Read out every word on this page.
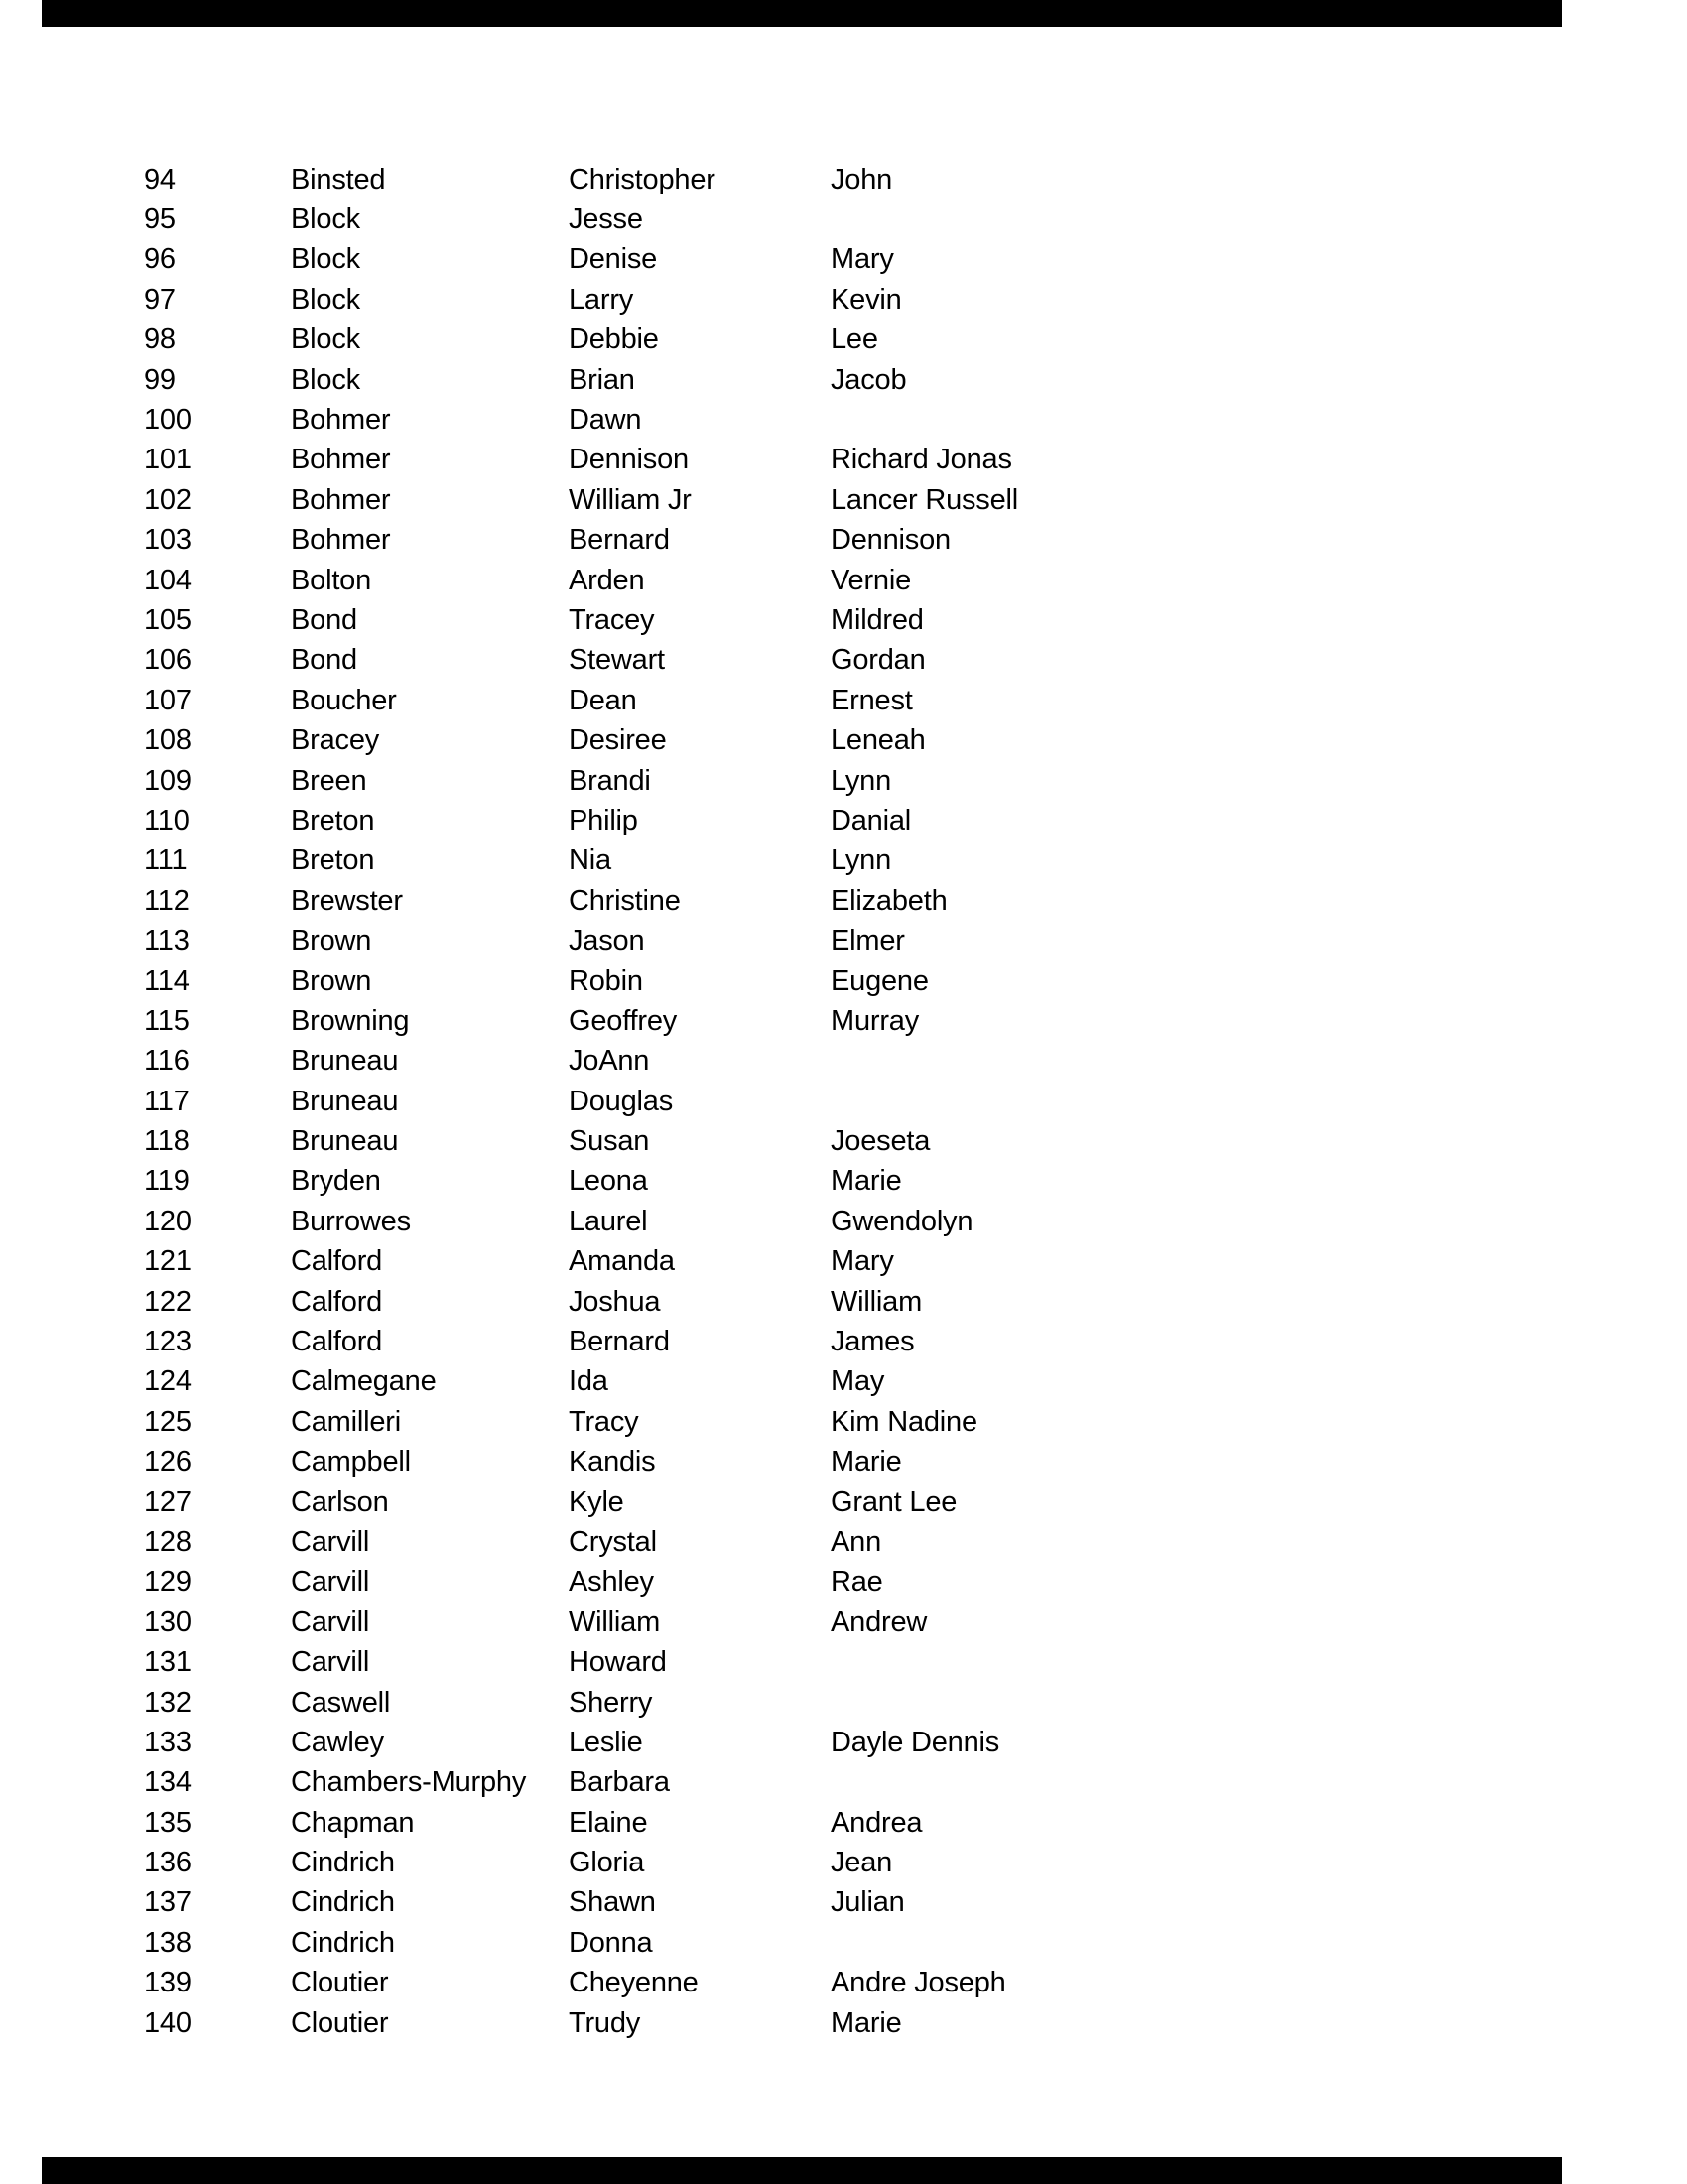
94	Binsted	Christopher	John
95	Block	Jesse
96	Block	Denise	Mary
97	Block	Larry	Kevin
98	Block	Debbie	Lee
99	Block	Brian	Jacob
100	Bohmer	Dawn
101	Bohmer	Dennison	Richard Jonas
102	Bohmer	William Jr	Lancer Russell
103	Bohmer	Bernard	Dennison
104	Bolton	Arden	Vernie
105	Bond	Tracey	Mildred
106	Bond	Stewart	Gordan
107	Boucher	Dean	Ernest
108	Bracey	Desiree	Leneah
109	Breen	Brandi	Lynn
110	Breton	Philip	Danial
111	Breton	Nia	Lynn
112	Brewster	Christine	Elizabeth
113	Brown	Jason	Elmer
114	Brown	Robin	Eugene
115	Browning	Geoffrey	Murray
116	Bruneau	JoAnn
117	Bruneau	Douglas
118	Bruneau	Susan	Joeseta
119	Bryden	Leona	Marie
120	Burrowes	Laurel	Gwendolyn
121	Calford	Amanda	Mary
122	Calford	Joshua	William
123	Calford	Bernard	James
124	Calmegane	Ida	May
125	Camilleri	Tracy	Kim Nadine
126	Campbell	Kandis	Marie
127	Carlson	Kyle	Grant Lee
128	Carvill	Crystal	Ann
129	Carvill	Ashley	Rae
130	Carvill	William	Andrew
131	Carvill	Howard
132	Caswell	Sherry
133	Cawley	Leslie	Dayle Dennis
134	Chambers-Murphy	Barbara
135	Chapman	Elaine	Andrea
136	Cindrich	Gloria	Jean
137	Cindrich	Shawn	Julian
138	Cindrich	Donna
139	Cloutier	Cheyenne	Andre Joseph
140	Cloutier	Trudy	Marie
